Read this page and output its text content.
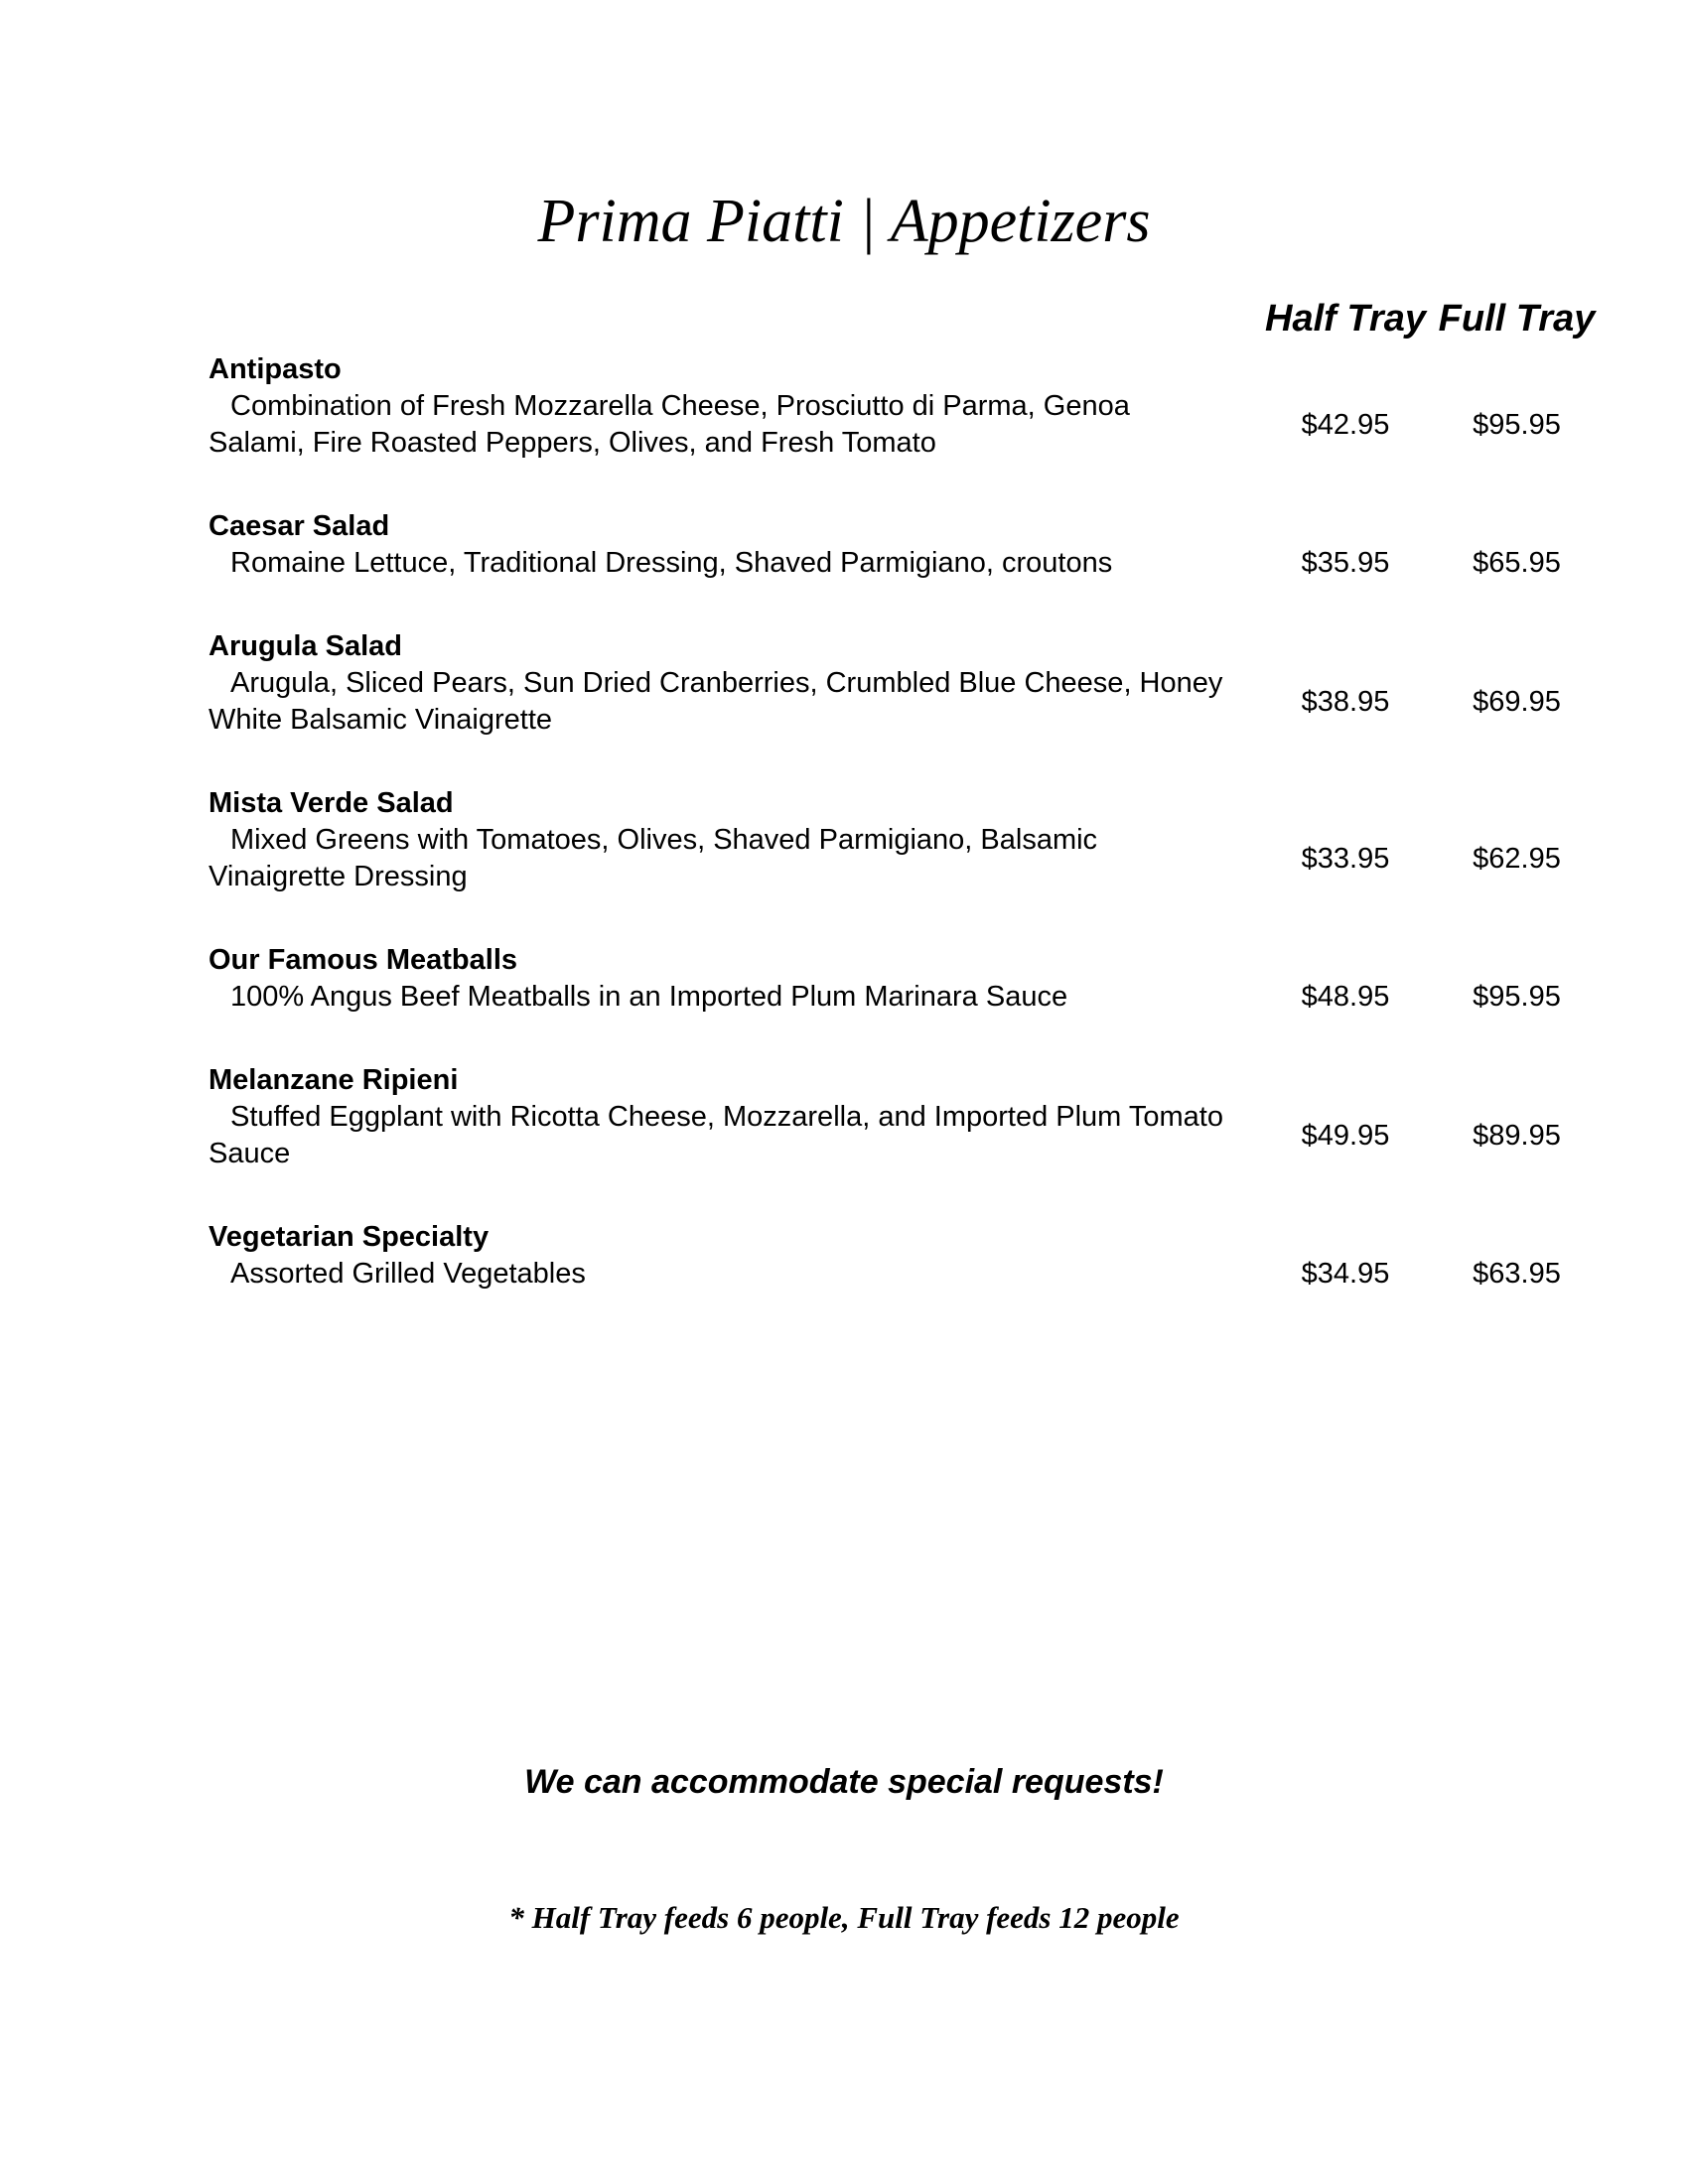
Prima Piatti | Appetizers
Half Tray Full Tray
Antipasto
Combination of Fresh Mozzarella Cheese, Prosciutto di Parma, Genoa Salami, Fire Roasted Peppers, Olives, and Fresh Tomato
$42.95	$95.95
Caesar Salad
Romaine Lettuce, Traditional Dressing, Shaved Parmigiano, croutons	$35.95	$65.95
Arugula Salad
Arugula, Sliced Pears, Sun Dried Cranberries, Crumbled Blue Cheese, Honey White Balsamic Vinaigrette
$38.95	$69.95
Mista Verde Salad
Mixed Greens with Tomatoes, Olives, Shaved Parmigiano, Balsamic Vinaigrette Dressing
$33.95	$62.95
Our Famous Meatballs
100% Angus Beef Meatballs in an Imported Plum Marinara Sauce	$48.95	$95.95
Melanzane Ripieni
Stuffed Eggplant with Ricotta Cheese, Mozzarella, and Imported Plum Tomato Sauce
$49.95	$89.95
Vegetarian Specialty
Assorted Grilled Vegetables	$34.95	$63.95
We can accommodate special requests!
* Half Tray feeds 6 people, Full Tray feeds 12 people
